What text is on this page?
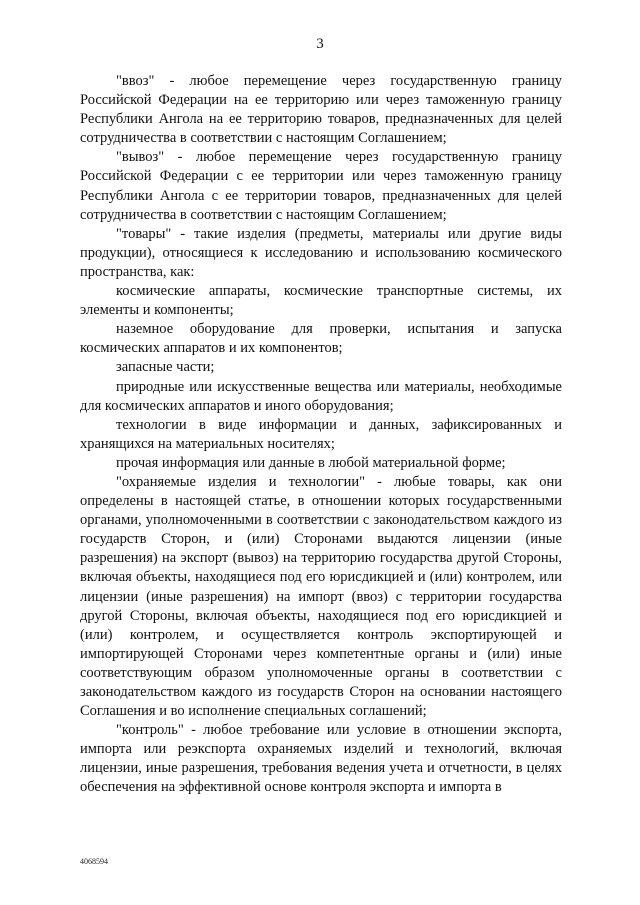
3

"ввоз" - любое перемещение через государственную границу Российской Федерации на ее территорию или через таможенную границу Республики Ангола на ее территорию товаров, предназначенных для целей сотрудничества в соответствии с настоящим Соглашением;

"вывоз" - любое перемещение через государственную границу Российской Федерации с ее территории или через таможенную границу Республики Ангола с ее территории товаров, предназначенных для целей сотрудничества в соответствии с настоящим Соглашением;

"товары" - такие изделия (предметы, материалы или другие виды продукции), относящиеся к исследованию и использованию космического пространства, как:

космические аппараты, космические транспортные системы, их элементы и компоненты;

наземное оборудование для проверки, испытания и запуска космических аппаратов и их компонентов;

запасные части;

природные или искусственные вещества или материалы, необходимые для космических аппаратов и иного оборудования;

технологии в виде информации и данных, зафиксированных и хранящихся на материальных носителях;

прочая информация или данные в любой материальной форме;

"охраняемые изделия и технологии" - любые товары, как они определены в настоящей статье, в отношении которых государственными органами, уполномоченными в соответствии с законодательством каждого из государств Сторон, и (или) Сторонами выдаются лицензии (иные разрешения) на экспорт (вывоз) на территорию государства другой Стороны, включая объекты, находящиеся под его юрисдикцией и (или) контролем, или лицензии (иные разрешения) на импорт (ввоз) с территории государства другой Стороны, включая объекты, находящиеся под его юрисдикцией и (или) контролем, и осуществляется контроль экспортирующей и импортирующей Сторонами через компетентные органы и (или) иные соответствующим образом уполномоченные органы в соответствии с законодательством каждого из государств Сторон на основании настоящего Соглашения и во исполнение специальных соглашений;

"контроль" - любое требование или условие в отношении экспорта, импорта или реэкспорта охраняемых изделий и технологий, включая лицензии, иные разрешения, требования ведения учета и отчетности, в целях обеспечения на эффективной основе контроля экспорта и импорта в

4068594
